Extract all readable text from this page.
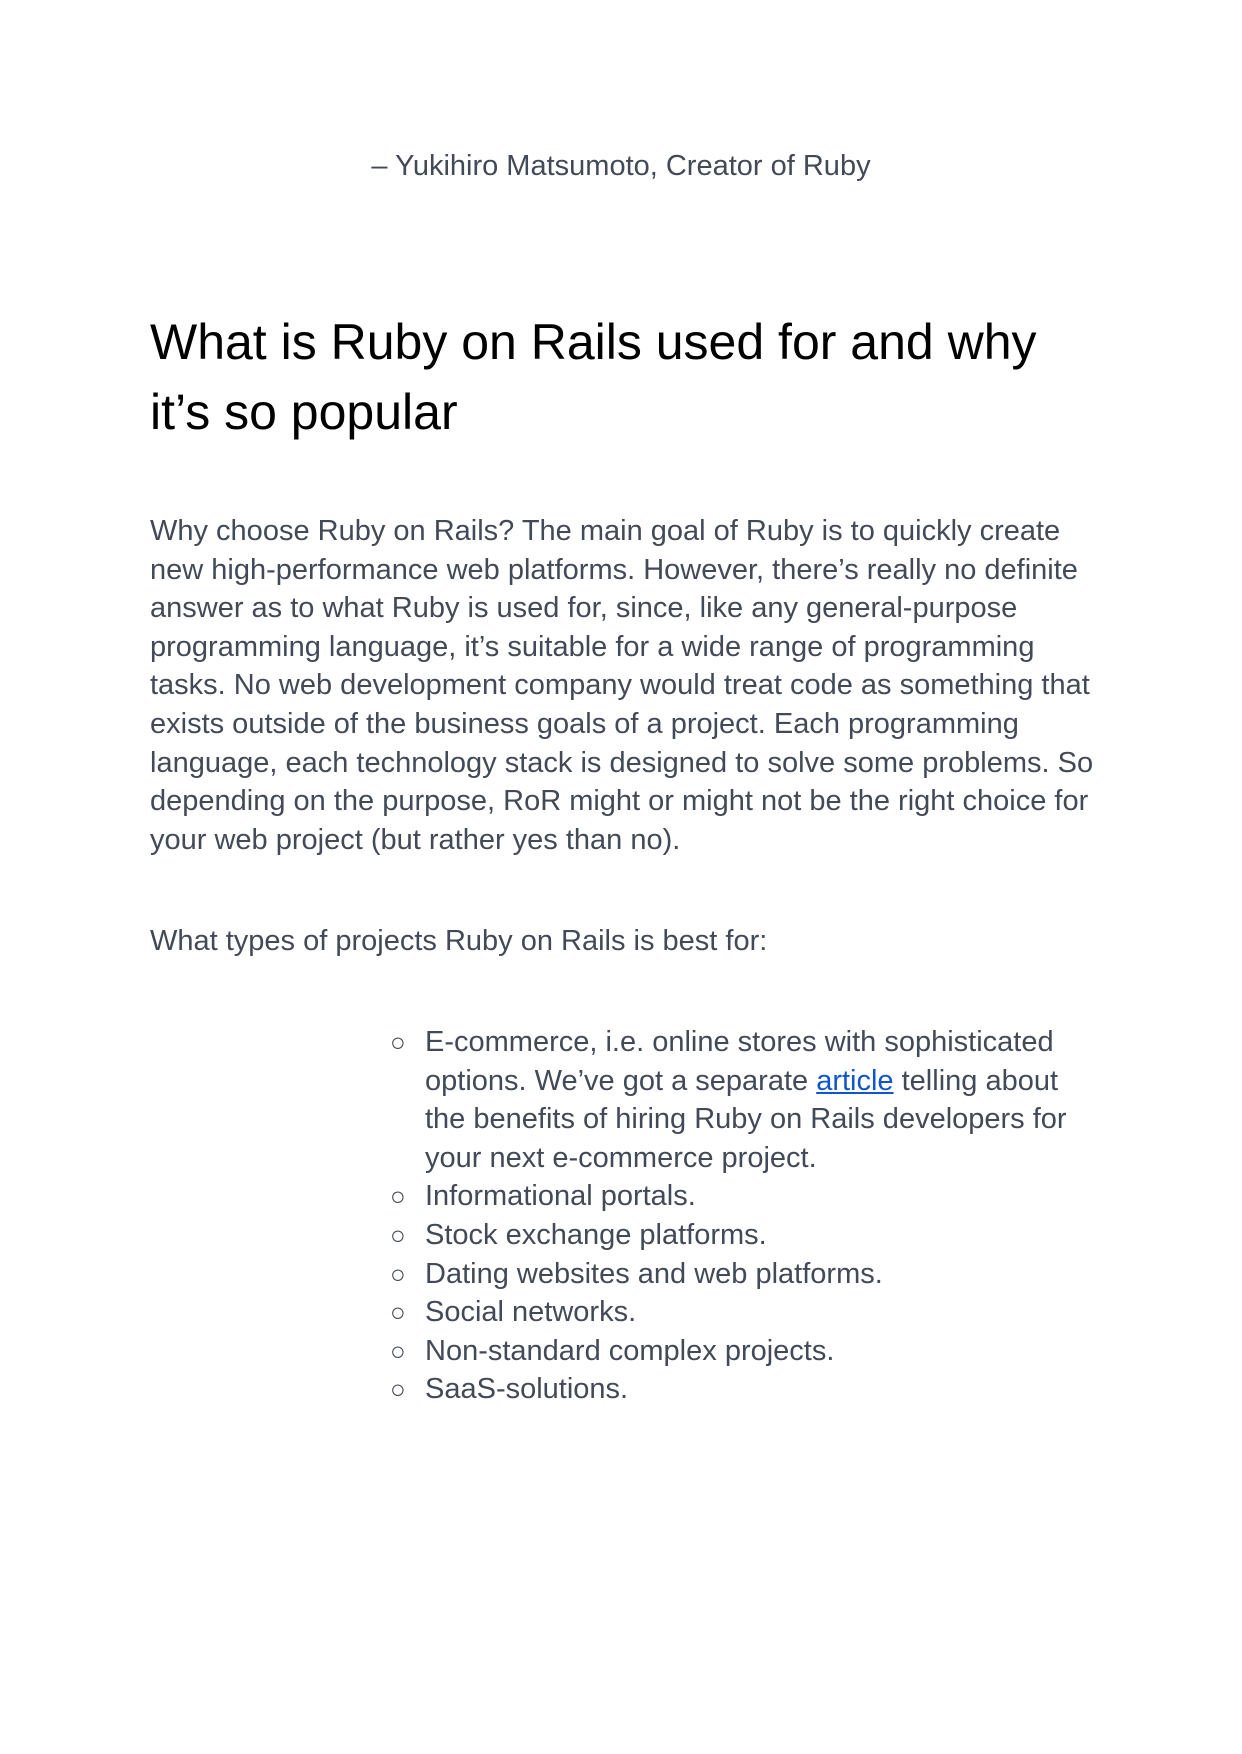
– Yukihiro Matsumoto, Creator of Ruby
What is Ruby on Rails used for and why it’s so popular

Why choose Ruby on Rails? The main goal of Ruby is to quickly create new high-performance web platforms. However, there’s really no definite answer as to what Ruby is used for, since, like any general-purpose programming language, it’s suitable for a wide range of programming tasks. No web development company would treat code as something that exists outside of the business goals of a project. Each programming language, each technology stack is designed to solve some problems. So depending on the purpose, RoR might or might not be the right choice for your web project (but rather yes than no).

What types of projects Ruby on Rails is best for:

○ E-commerce, i.e. online stores with sophisticated options. We’ve got a separate article telling about the benefits of hiring Ruby on Rails developers for your next e-commerce project.
○ Informational portals.
○ Stock exchange platforms.
○ Dating websites and web platforms.
○ Social networks.
○ Non-standard complex projects.
○ SaaS-solutions.
